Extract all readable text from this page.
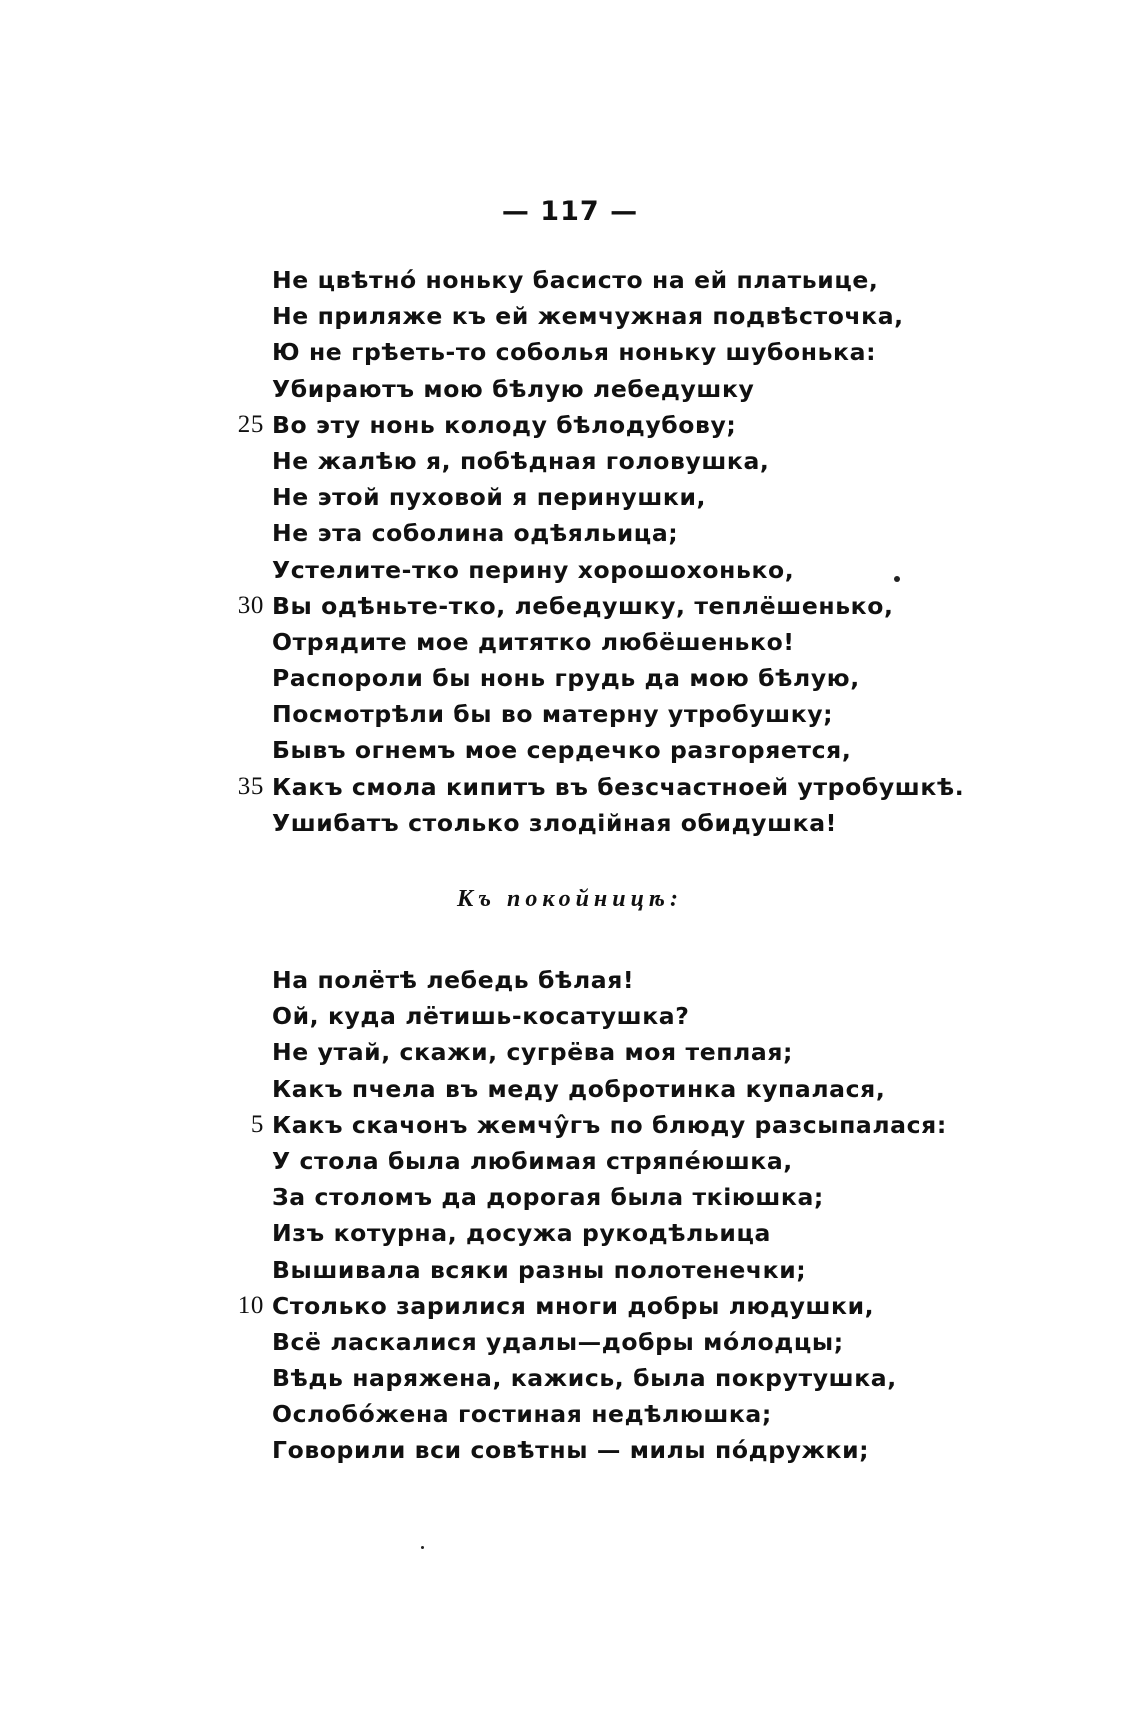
— 117 —
Не цвѣтнó ноньку басисто на ей платьице,
Не приляже къ ей жемчужная подвѣсточка,
Ю не грѣеть-то соболья ноньку шубонька:
Убираютъ мою бѣлую лебедушку
25 Во эту нонь колоду бѣлодубову;
Не жалѣю я, побѣдная головушка,
Не этой пуховой я перинушки,
Не эта соболина одѣяльица;
Устелите-тко перину хорошохонько,
30 Вы одѣньте-тко, лебедушку, теплёшенько,
Отрядите мое дитятко любёшенько!
Распороли бы нонь грудь да мою бѣлую,
Посмотрѣли бы во матерну утробушку;
Бывъ огнемъ мое сердечко разгоряется,
35 Какъ смола кипитъ въ безсчастноей утробушкѣ.
Ушибатъ столько злодійная обидушка!
Къ покойницѣ:
На полётѣ лебедь бѣлая!
Ой, куда лётишь-косатушка?
Не утай, скажи, сугрёва моя теплая;
Какъ пчела въ меду добротинка купалася,
5 Какъ скачонъ жемчу̂гъ по блюду разсыпалася:
У стола была любимая стряпéюшка,
За столомъ да дорогая была ткiюшка;
Изъ котурна, досужа рукодѣльица
Вышивала всяки разны полотенечки;
10 Столько зарилися многи добры людушки,
Всё ласкалися удалы—добры мóлодцы;
Вѣдь наряжена, кажись, была покрутушка,
Ослобóжена гостиная недѣлюшка;
Говорили вси совѣтны — милы пóдружки;
